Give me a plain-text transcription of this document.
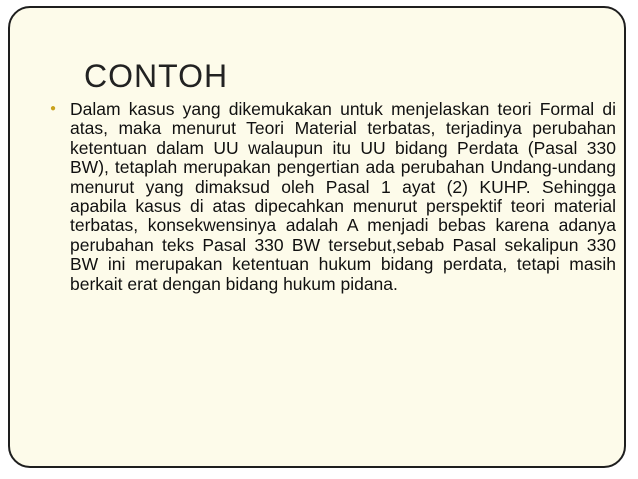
CONTOH
● Dalam kasus yang dikemukakan untuk menjelaskan teori Formal di atas, maka menurut Teori Material terbatas, terjadinya perubahan ketentuan dalam UU walaupun itu UU bidang Perdata (Pasal 330 BW), tetaplah merupakan pengertian ada perubahan Undang-undang menurut yang dimaksud oleh Pasal 1 ayat (2) KUHP. Sehingga apabila kasus di atas dipecahkan menurut perspektif teori material terbatas, konsekwensinya adalah A menjadi bebas karena adanya perubahan teks Pasal 330 BW tersebut,sebab Pasal sekalipun 330 BW ini merupakan ketentuan hukum bidang perdata, tetapi masih berkait erat dengan bidang hukum pidana.
